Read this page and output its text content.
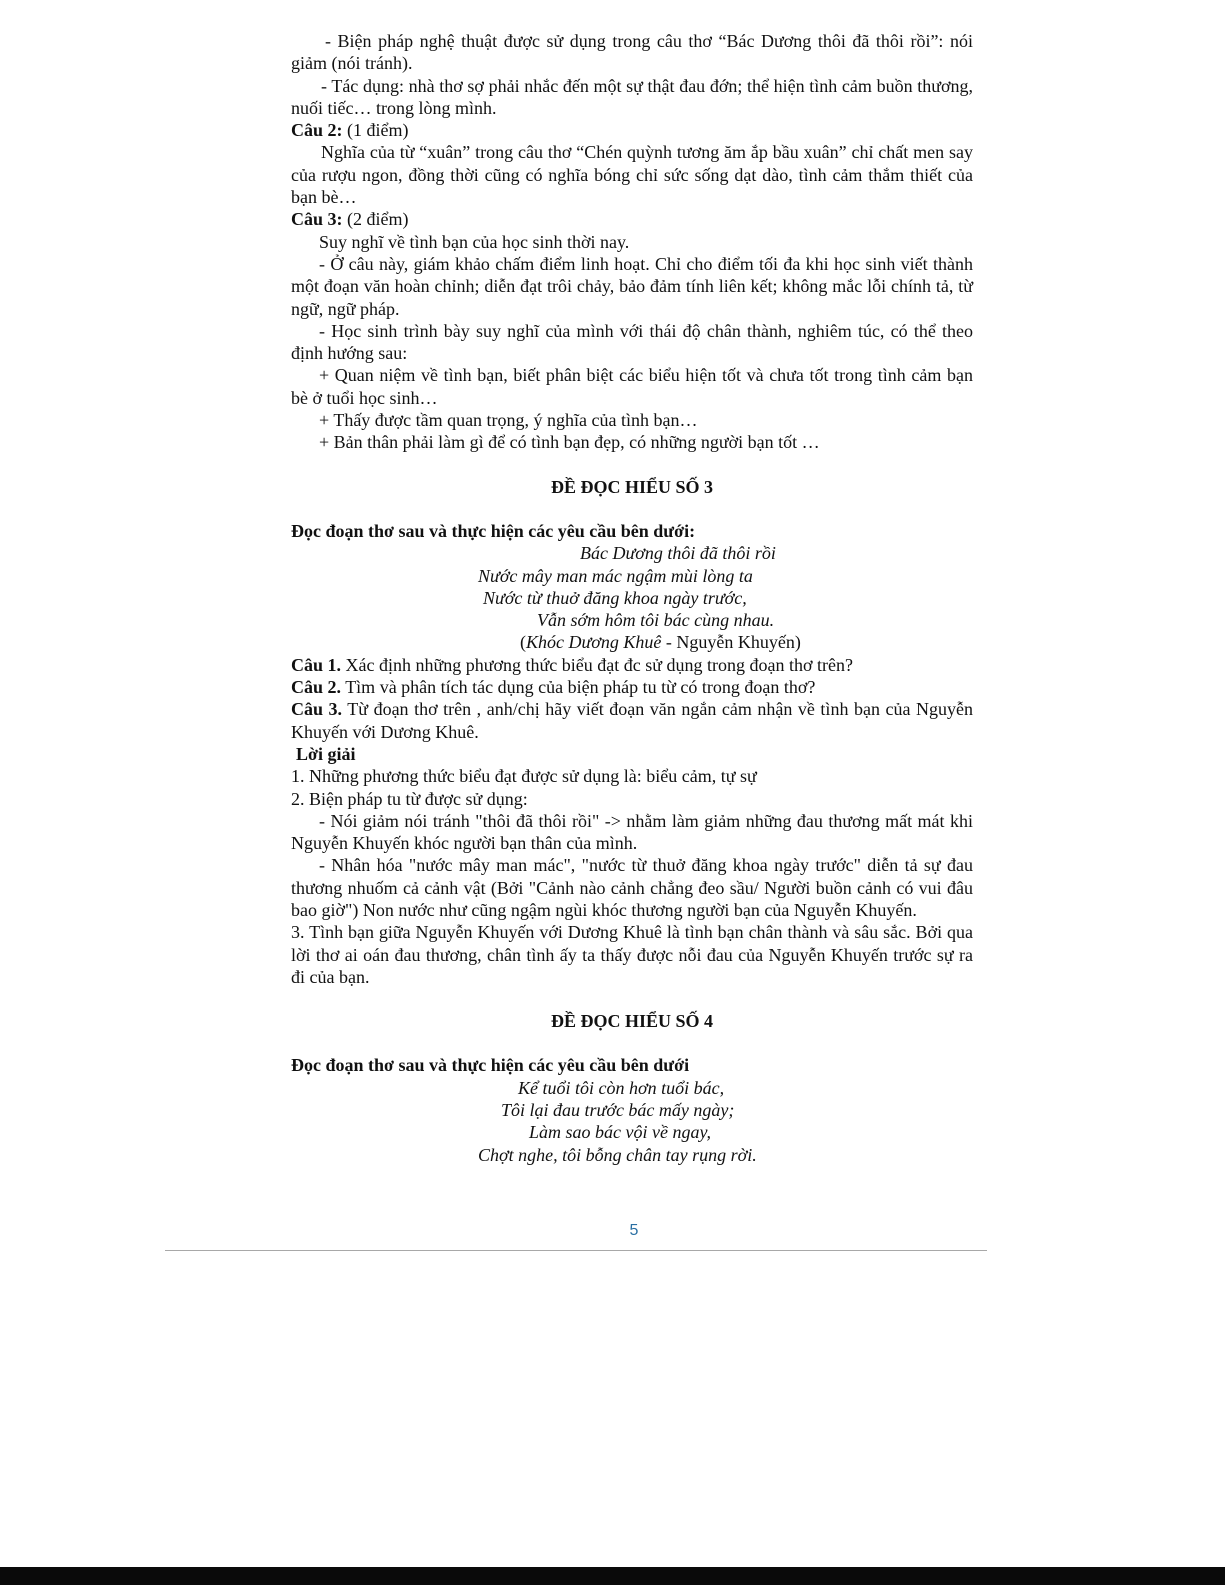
- Biện pháp nghệ thuật được sử dụng trong câu thơ “Bác Dương thôi đã thôi rồi”: nói giảm (nói tránh).

- Tác dụng: nhà thơ sợ phải nhắc đến một sự thật đau đớn; thể hiện tình cảm buồn thương, nuối tiếc… trong lòng mình.

Câu 2: (1 điểm)

Nghĩa của từ “xuân” trong câu thơ “Chén quỳnh tương ăm ắp bầu xuân” chỉ chất men say của rượu ngon, đồng thời cũng có nghĩa bóng chỉ sức sống dạt dào, tình cảm thắm thiết của bạn bè…

Câu 3: (2 điểm)

Suy nghĩ về tình bạn của học sinh thời nay.

- Ở câu này, giám khảo chấm điểm linh hoạt. Chỉ cho điểm tối đa khi học sinh viết thành một đoạn văn hoàn chỉnh; diễn đạt trôi chảy, bảo đảm tính liên kết; không mắc lỗi chính tả, từ ngữ, ngữ pháp.

- Học sinh trình bày suy nghĩ của mình với thái độ chân thành, nghiêm túc, có thể theo định hướng sau:

+ Quan niệm về tình bạn, biết phân biệt các biểu hiện tốt và chưa tốt trong tình cảm bạn bè ở tuổi học sinh…

+ Thấy được tầm quan trọng, ý nghĩa của tình bạn…

+ Bản thân phải làm gì để có tình bạn đẹp, có những người bạn tốt …

ĐỀ ĐỌC HIỂU SỐ 3

Đọc đoạn thơ sau và thực hiện các yêu cầu bên dưới:

Bác Dương thôi đã thôi rồi

Nước mây man mác ngậm mùi lòng ta

Nước từ thuở đăng khoa ngày trước,

Vẫn sớm hôm tôi bác cùng nhau.

(Khóc Dương Khuê - Nguyễn Khuyến)

Câu 1. Xác định những phương thức biểu đạt đc sử dụng trong đoạn thơ trên?

Câu 2. Tìm và phân tích tác dụng của biện pháp tu từ có trong đoạn thơ?

Câu 3. Từ đoạn thơ trên , anh/chị hãy viết đoạn văn ngắn cảm nhận về tình bạn của Nguyễn Khuyến với Dương Khuê.

Lời giải

1. Những phương thức biểu đạt được sử dụng là: biểu cảm, tự sự

2. Biện pháp tu từ được sử dụng:

- Nói giảm nói tránh "thôi đã thôi rồi" -> nhằm làm giảm những đau thương mất mát khi Nguyễn Khuyến khóc người bạn thân của mình.

- Nhân hóa "nước mây man mác", "nước từ thuở đăng khoa ngày trước" diễn tả sự đau thương nhuốm cả cảnh vật (Bởi "Cảnh nào cảnh chẳng đeo sầu/ Người buồn cảnh có vui đâu bao giờ") Non nước như cũng ngậm ngùi khóc thương người bạn của Nguyễn Khuyến.

3. Tình bạn giữa Nguyễn Khuyến với Dương Khuê là tình bạn chân thành và sâu sắc. Bởi qua lời thơ ai oán đau thương, chân tình ấy ta thấy được nỗi đau của Nguyễn Khuyến trước sự ra đi của bạn.

ĐỀ ĐỌC HIỂU SỐ 4

Đọc đoạn thơ sau và thực hiện các yêu cầu bên dưới

Kể tuổi tôi còn hơn tuổi bác,

Tôi lại đau trước bác mấy ngày;

Làm sao bác vội về ngay,

Chợt nghe, tôi bỗng chân tay rụng rời.

5
